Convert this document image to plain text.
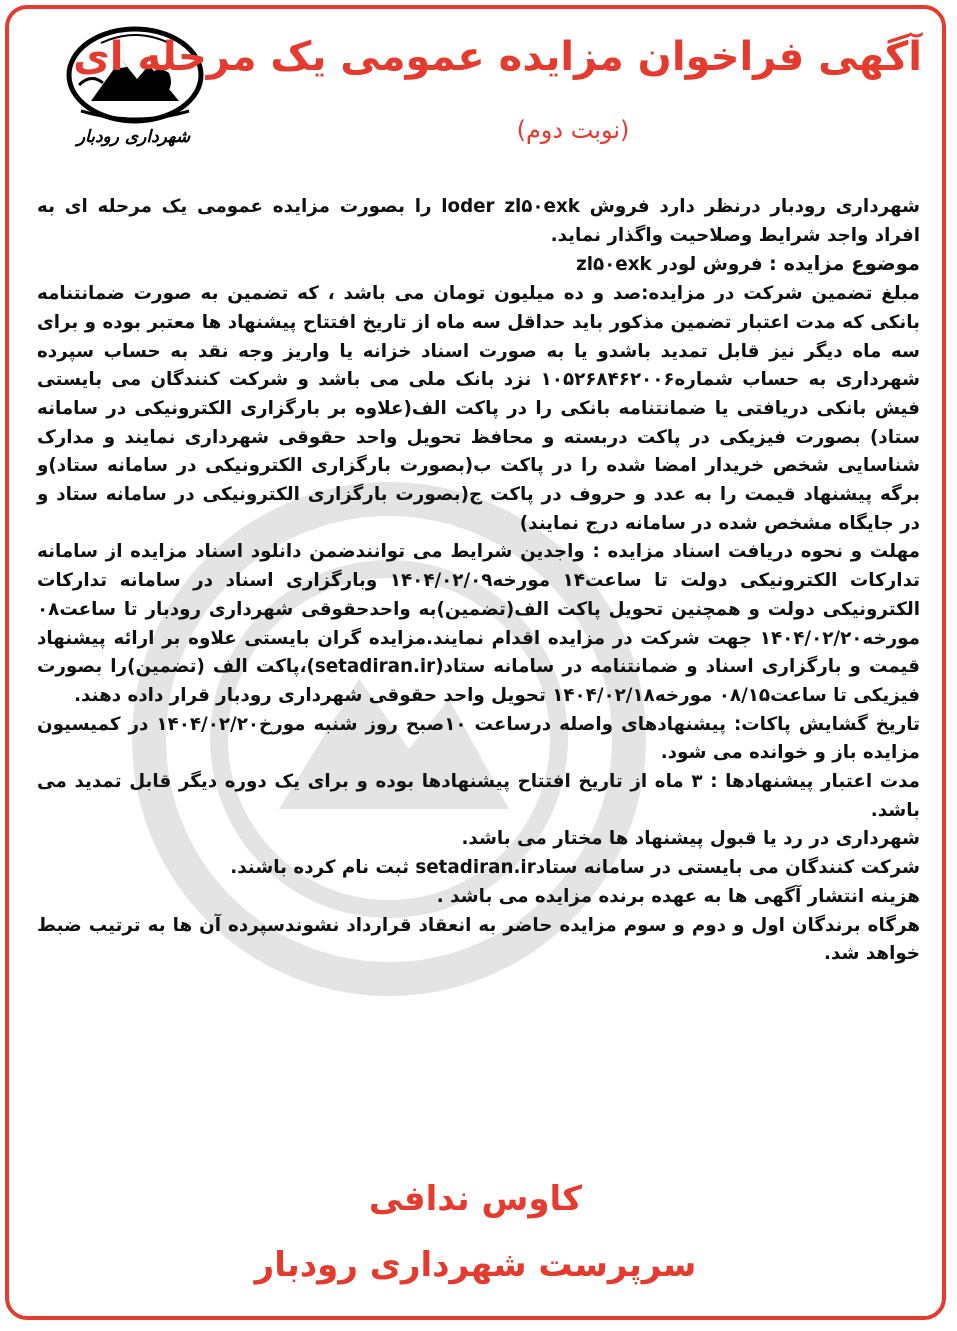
شهرداری رودبار
آگهی فراخوان مزایده عمومی یک مرحله ای
(نوبت دوم)

شهرداری رودبار درنظر دارد فروش loder zl۵۰exk را بصورت مزایده عمومی یک مرحله ای به افراد واجد شرایط وصلاحیت واگذار نماید.

موضوع مزایده : فروش لودر zl۵۰exk

مبلغ تضمین شرکت در مزایده:صد و ده میلیون تومان می باشد ، که تضمین به صورت ضمانتنامه بانکی که مدت اعتبار تضمین مذکور باید حداقل سه ماه از تاریخ افتتاح پیشنهاد ها معتبر بوده و برای سه ماه دیگر نیز قابل تمدید باشدو یا به صورت اسناد خزانه یا واریز وجه نقد به حساب سپرده شهرداری به حساب شماره۱۰۵۲۶۸۴۶۲۰۰۶ نزد بانک ملی می باشد و شرکت کنندگان می بایستی فیش بانکی دریافتی یا ضمانتنامه بانکی را در پاکت الف(علاوه بر بارگزاری الکترونیکی در سامانه ستاد) بصورت فیزیکی در پاکت دربسته و محافظ تحویل واحد حقوقی شهرداری نمایند و مدارک شناسایی شخص خریدار امضا شده را در پاکت ب(بصورت بارگزاری الکترونیکی در سامانه ستاد)و برگه پیشنهاد قیمت را به عدد و حروف در پاکت ج(بصورت بارگزاری الکترونیکی در سامانه ستاد و در جایگاه مشخص شده در سامانه درج نمایند)

مهلت و نحوه دریافت اسناد مزایده : واجدین شرایط می توانندضمن دانلود اسناد مزایده از سامانه تدارکات الکترونیکی دولت تا ساعت۱۴ مورخه۱۴۰۴/۰۲/۰۹ وبارگزاری اسناد در سامانه تدارکات الکترونیکی دولت و همچنین تحویل پاکت الف(تضمین)به واحدحقوقی شهرداری رودبار تا ساعت۰۸ مورخه۱۴۰۴/۰۲/۲۰ جهت شرکت در مزایده اقدام نمایند.مزایده گران بایستی علاوه بر ارائه پیشنهاد قیمت و بارگزاری اسناد و ضمانتنامه در سامانه ستاد(setadiran.ir)،پاکت الف (تضمین)را بصورت فیزیکی تا ساعت۰۸/۱۵ مورخه۱۴۰۴/۰۲/۱۸ تحویل واحد حقوقی شهرداری رودبار قرار داده دهند.

تاریخ گشایش پاکات: پیشنهادهای واصله درساعت ۱۰صبح روز شنبه مورخ۱۴۰۴/۰۲/۲۰ در کمیسیون مزایده باز و خوانده می شود.

مدت اعتبار پیشنهادها : ۳ ماه از تاریخ افتتاح پیشنهادها بوده و برای یک دوره دیگر قابل تمدید می باشد.

شهرداری در رد یا قبول پیشنهاد ها مختار می باشد.

شرکت کنندگان می بایستی در سامانه ستادsetadiran.ir ثبت نام کرده باشند.

هزینه انتشار آگهی ها به عهده برنده مزایده می باشد .

هرگاه برندگان اول و دوم و سوم مزایده حاضر به انعقاد قرارداد نشوندسپرده آن ها به ترتیب ضبط خواهد شد.

کاوس ندافی
سرپرست شهرداری رودبار
